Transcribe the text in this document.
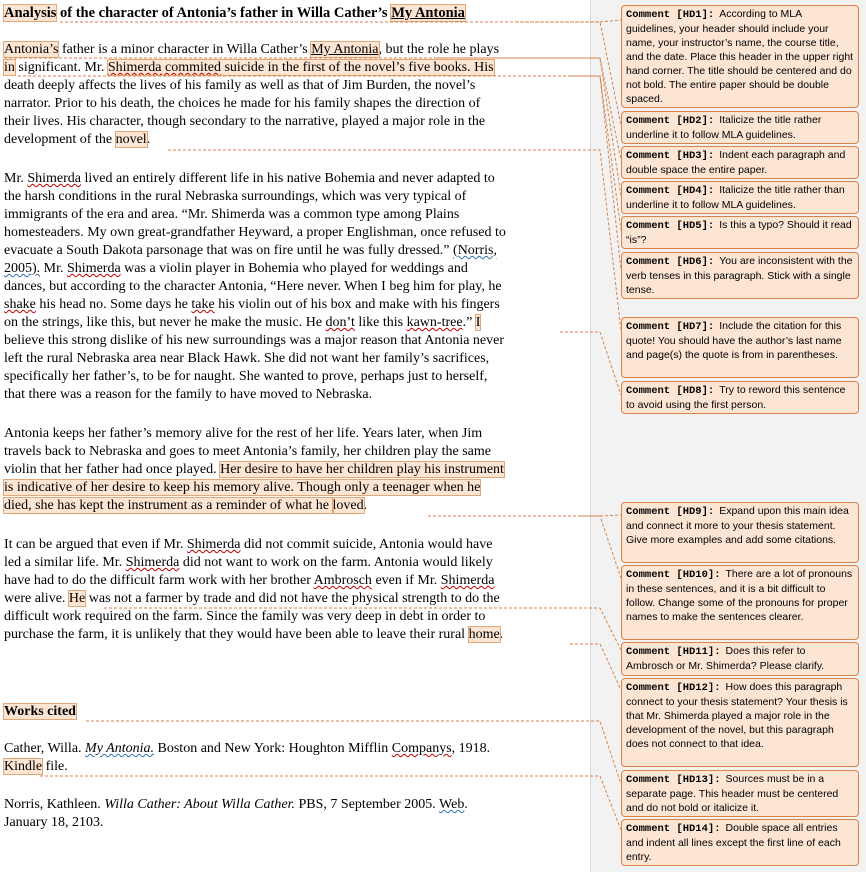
Analysis of the character of Antonia’s father in Willa Cather’s My Antonia
Antonia’s father is a minor character in Willa Cather’s My Antonia, but the role he plays
in significant. Mr. Shimerda commited suicide in the first of the novel’s five books. His
death deeply affects the lives of his family as well as that of Jim Burden, the novel’s
narrator. Prior to his death, the choices he made for his family shapes the direction of
their lives. His character, though secondary to the narrative, played a major role in the
development of the novel.
Mr. Shimerda lived an entirely different life in his native Bohemia and never adapted to
the harsh conditions in the rural Nebraska surroundings, which was very typical of
immigrants of the era and area. “Mr. Shimerda was a common type among Plains
homesteaders. My own great-grandfather Heyward, a proper Englishman, once refused to
evacuate a South Dakota parsonage that was on fire until he was fully dressed.” (Norris,
2005). Mr. Shimerda was a violin player in Bohemia who played for weddings and
dances, but according to the character Antonia, “Here never. When I beg him for play, he
shake his head no. Some days he take his violin out of his box and make with his fingers
on the strings, like this, but never he make the music. He don’t like this kawn-tree.” I
believe this strong dislike of his new surroundings was a major reason that Antonia never
left the rural Nebraska area near Black Hawk. She did not want her family’s sacrifices,
specifically her father’s, to be for naught. She wanted to prove, perhaps just to herself,
that there was a reason for the family to have moved to Nebraska.
Antonia keeps her father’s memory alive for the rest of her life. Years later, when Jim
travels back to Nebraska and goes to meet Antonia’s family, her children play the same
violin that her father had once played. Her desire to have her children play his instrument
is indicative of her desire to keep his memory alive. Though only a teenager when he
died, she has kept the instrument as a reminder of what he loved.
It can be argued that even if Mr. Shimerda did not commit suicide, Antonia would have
led a similar life. Mr. Shimerda did not want to work on the farm. Antonia would likely
have had to do the difficult farm work with her brother Ambrosch even if Mr. Shimerda
were alive. He was not a farmer by trade and did not have the physical strength to do the
difficult work required on the farm. Since the family was very deep in debt in order to
purchase the farm, it is unlikely that they would have been able to leave their rural home.
Works cited
Cather, Willa. My Antonia. Boston and New York: Houghton Mifflin Companys, 1918.
Kindle file.
Norris, Kathleen. Willa Cather: About Willa Cather. PBS, 7 September 2005. Web.
January 18, 2103.
Comment [HD1]: According to MLA guidelines, your header should include your name, your instructor’s name, the course title, and the date. Place this header in the upper right hand corner. The title should be centered and do not bold. The entire paper should be double spaced.
Comment [HD2]: Italicize the title rather underline it to follow MLA guidelines.
Comment [HD3]: Indent each paragraph and double space the entire paper.
Comment [HD4]: Italicize the title rather than underline it to follow MLA guidelines.
Comment [HD5]: Is this a typo? Should it read “is”?
Comment [HD6]: You are inconsistent with the verb tenses in this paragraph. Stick with a single tense.
Comment [HD7]: Include the citation for this quote! You should have the author’s last name and page(s) the quote is from in parentheses.
Comment [HD8]: Try to reword this sentence to avoid using the first person.
Comment [HD9]: Expand upon this main idea and connect it more to your thesis statement. Give more examples and add some citations.
Comment [HD10]: There are a lot of pronouns in these sentences, and it is a bit difficult to follow. Change some of the pronouns for proper names to make the sentences clearer.
Comment [HD11]: Does this refer to Ambrosch or Mr. Shimerda? Please clarify.
Comment [HD12]: How does this paragraph connect to your thesis statement? Your thesis is that Mr. Shimerda played a major role in the development of the novel, but this paragraph does not connect to that idea.
Comment [HD13]: Sources must be in a separate page. This header must be centered and do not bold or italicize it.
Comment [HD14]: Double space all entries and indent all lines except the first line of each entry.
